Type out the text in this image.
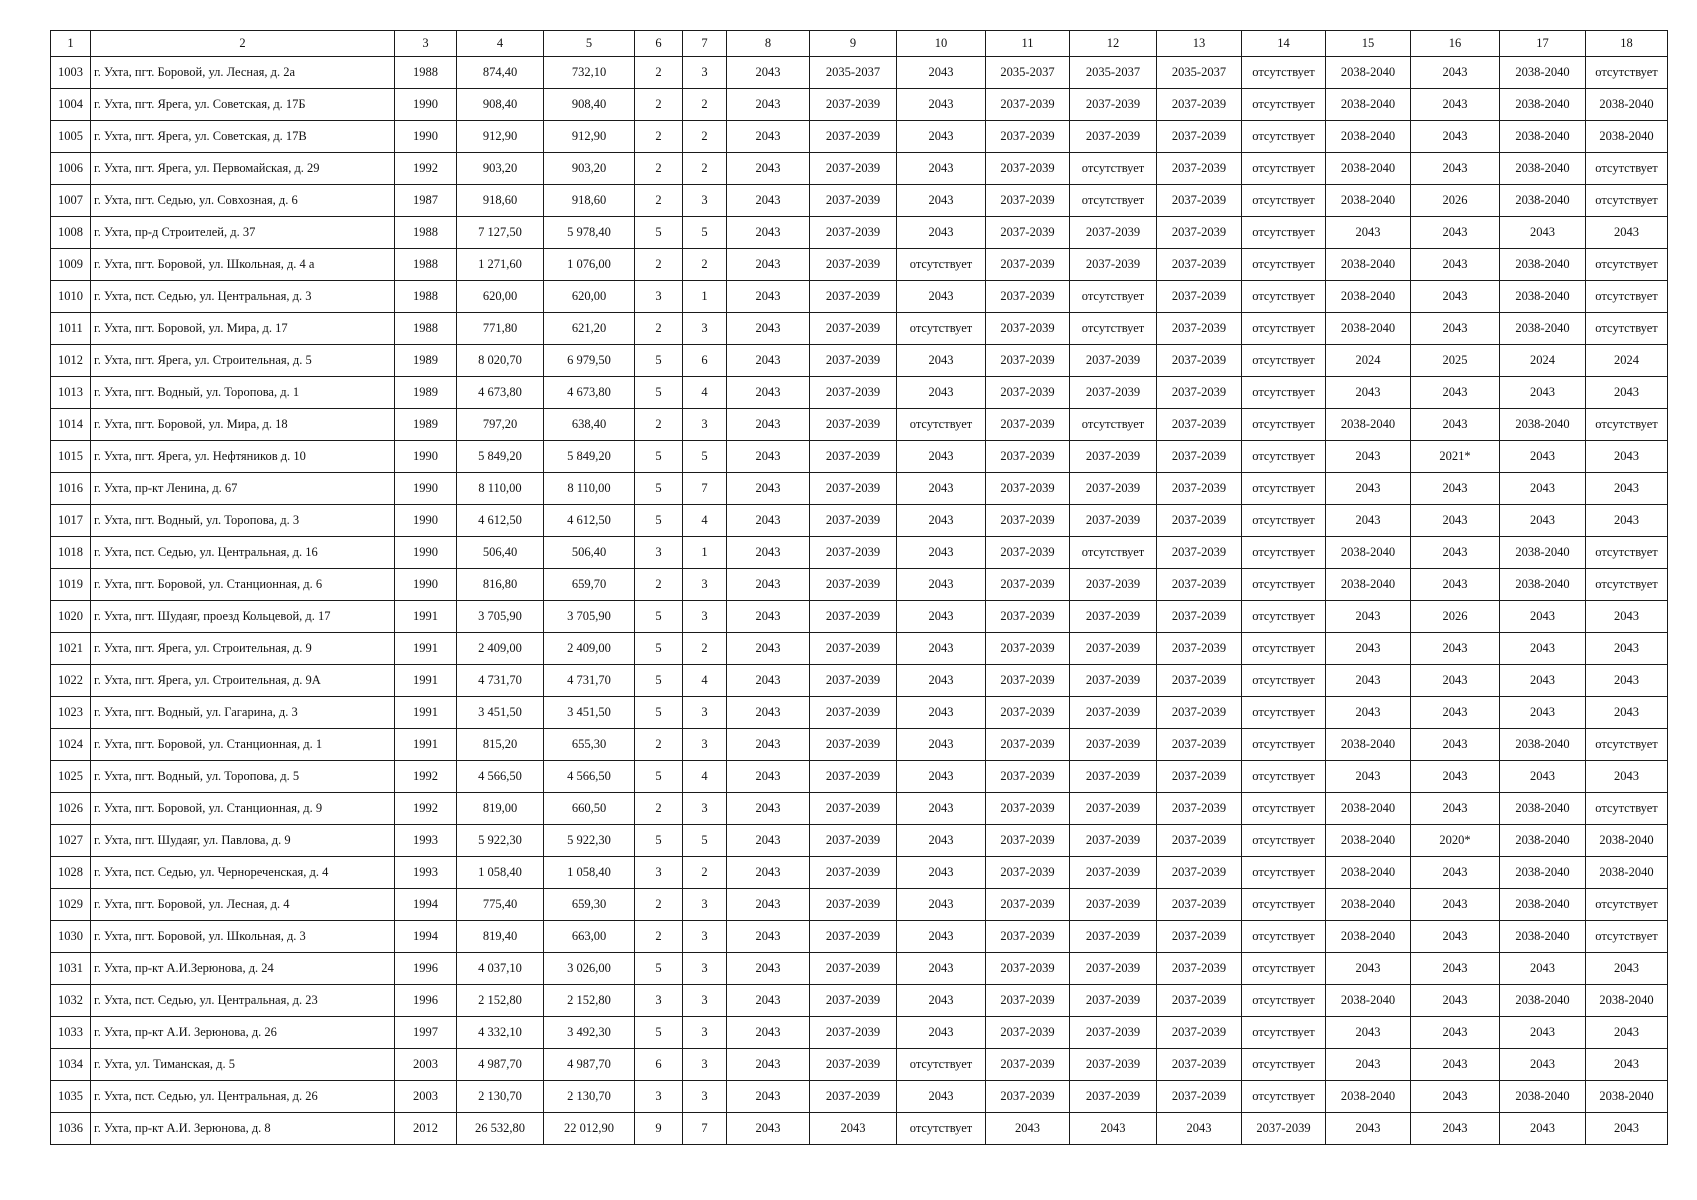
1	2	3	4	5	6	7	8	9	10	11	12	13	14	15	16	17	18
1003	г. Ухта, пгт. Боровой, ул. Лесная, д. 2а	1988	874,40	732,10	2	3	2043	2035-2037	2043	2035-2037	2035-2037	2035-2037	отсутствует	2038-2040	2043	2038-2040	отсутствует
1004	г. Ухта, пгт. Ярега, ул. Советская, д. 17Б	1990	908,40	908,40	2	2	2043	2037-2039	2043	2037-2039	2037-2039	2037-2039	отсутствует	2038-2040	2043	2038-2040	2038-2040
1005	г. Ухта, пгт. Ярега, ул. Советская, д. 17В	1990	912,90	912,90	2	2	2043	2037-2039	2043	2037-2039	2037-2039	2037-2039	отсутствует	2038-2040	2043	2038-2040	2038-2040
1006	г. Ухта, пгт. Ярега, ул. Первомайская, д. 29	1992	903,20	903,20	2	2	2043	2037-2039	2043	2037-2039	отсутствует	2037-2039	отсутствует	2038-2040	2043	2038-2040	отсутствует
1007	г. Ухта, пгт. Седью, ул. Совхозная, д. 6	1987	918,60	918,60	2	3	2043	2037-2039	2043	2037-2039	отсутствует	2037-2039	отсутствует	2038-2040	2026	2038-2040	отсутствует
1008	г. Ухта, пр-д Строителей, д. 37	1988	7 127,50	5 978,40	5	5	2043	2037-2039	2043	2037-2039	2037-2039	2037-2039	отсутствует	2043	2043	2043	2043
1009	г. Ухта, пгт. Боровой, ул. Школьная, д. 4 а	1988	1 271,60	1 076,00	2	2	2043	2037-2039	отсутствует	2037-2039	2037-2039	2037-2039	отсутствует	2038-2040	2043	2038-2040	отсутствует
1010	г. Ухта, пст. Седью, ул. Центральная, д. 3	1988	620,00	620,00	3	1	2043	2037-2039	2043	2037-2039	отсутствует	2037-2039	отсутствует	2038-2040	2043	2038-2040	отсутствует
1011	г. Ухта, пгт. Боровой, ул. Мира, д. 17	1988	771,80	621,20	2	3	2043	2037-2039	отсутствует	2037-2039	отсутствует	2037-2039	отсутствует	2038-2040	2043	2038-2040	отсутствует
1012	г. Ухта, пгт. Ярега, ул. Строительная, д. 5	1989	8 020,70	6 979,50	5	6	2043	2037-2039	2043	2037-2039	2037-2039	2037-2039	отсутствует	2024	2025	2024	2024
1013	г. Ухта, пгт. Водный, ул. Торопова, д. 1	1989	4 673,80	4 673,80	5	4	2043	2037-2039	2043	2037-2039	2037-2039	2037-2039	отсутствует	2043	2043	2043	2043
1014	г. Ухта, пгт. Боровой, ул. Мира, д. 18	1989	797,20	638,40	2	3	2043	2037-2039	отсутствует	2037-2039	отсутствует	2037-2039	отсутствует	2038-2040	2043	2038-2040	отсутствует
1015	г. Ухта, пгт. Ярега, ул. Нефтяников д. 10	1990	5 849,20	5 849,20	5	5	2043	2037-2039	2043	2037-2039	2037-2039	2037-2039	отсутствует	2043	2021*	2043	2043
1016	г. Ухта, пр-кт Ленина, д. 67	1990	8 110,00	8 110,00	5	7	2043	2037-2039	2043	2037-2039	2037-2039	2037-2039	отсутствует	2043	2043	2043	2043
1017	г. Ухта, пгт. Водный, ул. Торопова, д. 3	1990	4 612,50	4 612,50	5	4	2043	2037-2039	2043	2037-2039	2037-2039	2037-2039	отсутствует	2043	2043	2043	2043
1018	г. Ухта, пст. Седью, ул. Центральная, д. 16	1990	506,40	506,40	3	1	2043	2037-2039	2043	2037-2039	отсутствует	2037-2039	отсутствует	2038-2040	2043	2038-2040	отсутствует
1019	г. Ухта, пгт. Боровой, ул. Станционная, д. 6	1990	816,80	659,70	2	3	2043	2037-2039	2043	2037-2039	2037-2039	2037-2039	отсутствует	2038-2040	2043	2038-2040	отсутствует
1020	г. Ухта, пгт. Шудаяг, проезд Кольцевой, д. 17	1991	3 705,90	3 705,90	5	3	2043	2037-2039	2043	2037-2039	2037-2039	2037-2039	отсутствует	2043	2026	2043	2043
1021	г. Ухта, пгт. Ярега, ул. Строительная, д. 9	1991	2 409,00	2 409,00	5	2	2043	2037-2039	2043	2037-2039	2037-2039	2037-2039	отсутствует	2043	2043	2043	2043
1022	г. Ухта, пгт. Ярега, ул. Строительная, д. 9А	1991	4 731,70	4 731,70	5	4	2043	2037-2039	2043	2037-2039	2037-2039	2037-2039	отсутствует	2043	2043	2043	2043
1023	г. Ухта, пгт. Водный, ул. Гагарина, д. 3	1991	3 451,50	3 451,50	5	3	2043	2037-2039	2043	2037-2039	2037-2039	2037-2039	отсутствует	2043	2043	2043	2043
1024	г. Ухта, пгт. Боровой, ул. Станционная, д. 1	1991	815,20	655,30	2	3	2043	2037-2039	2043	2037-2039	2037-2039	2037-2039	отсутствует	2038-2040	2043	2038-2040	отсутствует
1025	г. Ухта, пгт. Водный, ул. Торопова, д. 5	1992	4 566,50	4 566,50	5	4	2043	2037-2039	2043	2037-2039	2037-2039	2037-2039	отсутствует	2043	2043	2043	2043
1026	г. Ухта, пгт. Боровой, ул. Станционная, д. 9	1992	819,00	660,50	2	3	2043	2037-2039	2043	2037-2039	2037-2039	2037-2039	отсутствует	2038-2040	2043	2038-2040	отсутствует
1027	г. Ухта, пгт. Шудаяг, ул. Павлова, д. 9	1993	5 922,30	5 922,30	5	5	2043	2037-2039	2043	2037-2039	2037-2039	2037-2039	отсутствует	2038-2040	2020*	2038-2040	2038-2040
1028	г. Ухта, пст. Седью, ул. Чернореченская, д. 4	1993	1 058,40	1 058,40	3	2	2043	2037-2039	2043	2037-2039	2037-2039	2037-2039	отсутствует	2038-2040	2043	2038-2040	2038-2040
1029	г. Ухта, пгт. Боровой, ул. Лесная, д. 4	1994	775,40	659,30	2	3	2043	2037-2039	2043	2037-2039	2037-2039	2037-2039	отсутствует	2038-2040	2043	2038-2040	отсутствует
1030	г. Ухта, пгт. Боровой, ул. Школьная, д. 3	1994	819,40	663,00	2	3	2043	2037-2039	2043	2037-2039	2037-2039	2037-2039	отсутствует	2038-2040	2043	2038-2040	отсутствует
1031	г. Ухта, пр-кт А.И.Зерюнова, д. 24	1996	4 037,10	3 026,00	5	3	2043	2037-2039	2043	2037-2039	2037-2039	2037-2039	отсутствует	2043	2043	2043	2043
1032	г. Ухта, пст. Седью, ул. Центральная, д. 23	1996	2 152,80	2 152,80	3	3	2043	2037-2039	2043	2037-2039	2037-2039	2037-2039	отсутствует	2038-2040	2043	2038-2040	2038-2040
1033	г. Ухта, пр-кт А.И. Зерюнова, д. 26	1997	4 332,10	3 492,30	5	3	2043	2037-2039	2043	2037-2039	2037-2039	2037-2039	отсутствует	2043	2043	2043	2043
1034	г. Ухта, ул. Тиманская, д. 5	2003	4 987,70	4 987,70	6	3	2043	2037-2039	отсутствует	2037-2039	2037-2039	2037-2039	отсутствует	2043	2043	2043	2043
1035	г. Ухта, пст. Седью, ул. Центральная, д. 26	2003	2 130,70	2 130,70	3	3	2043	2037-2039	2043	2037-2039	2037-2039	2037-2039	отсутствует	2038-2040	2043	2038-2040	2038-2040
1036	г. Ухта, пр-кт А.И. Зерюнова, д. 8	2012	26 532,80	22 012,90	9	7	2043	2043	отсутствует	2043	2043	2043	2037-2039	2043	2043	2043	2043
